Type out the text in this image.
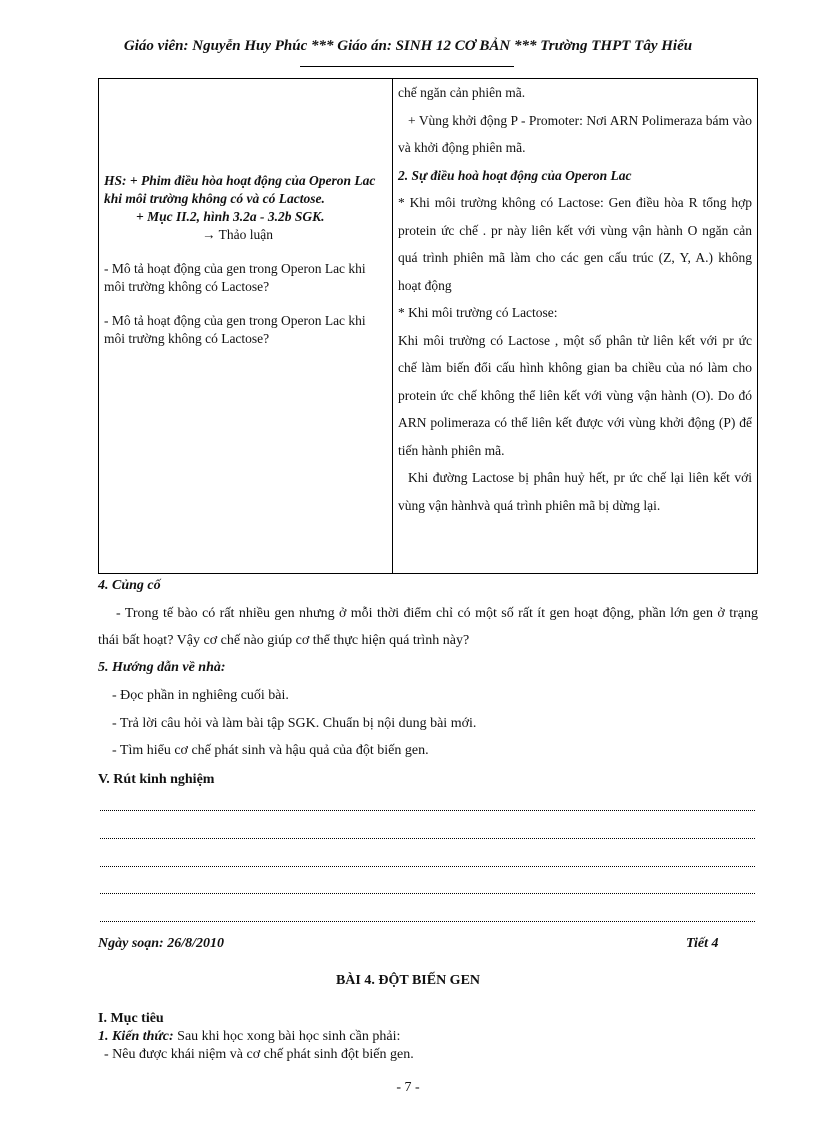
Giáo viên: Nguyễn Huy Phúc *** Giáo án: SINH 12 CƠ BẢN *** Trường THPT Tây Hiếu

HS: + Phim điều hòa hoạt động của Operon Lac khi môi trường không có và có Lactose.

+ Mục II.2, hình 3.2a - 3.2b SGK.

→ Thảo luận

- Mô tả hoạt động của gen trong Operon Lac khi môi trường không có Lactose?

- Mô tả hoạt động của gen trong Operon Lac khi môi trường không có Lactose?

chế ngăn cản phiên mã.

+ Vùng khởi động P - Promoter: Nơi ARN Polimeraza bám vào và khởi động phiên mã.

2. Sự điều hoà hoạt động của Operon Lac

* Khi môi trường không có Lactose: Gen điều hòa R tổng hợp protein ức chế . pr này liên kết với vùng vận hành O ngăn cản quá trình phiên mã làm cho các gen cấu trúc (Z, Y, A.) không hoạt động

* Khi môi trường có Lactose:

Khi môi trường có Lactose , một số phân tử liên kết với pr ức chế làm biến đổi cấu hình không gian ba chiều của nó làm cho protein ức chế không thể liên kết với vùng vận hành (O). Do đó ARN polimeraza có thể liên kết được với vùng khởi động (P) để tiến hành phiên mã.

Khi đường Lactose bị phân huỷ hết, pr ức chế lại liên kết với vùng vận hànhvà quá trình phiên mã bị dừng lại.

4. Củng cố
- Trong tế bào có rất nhiều gen nhưng ở mỗi thời điểm chỉ có một số rất ít gen hoạt động, phần lớn gen ở trạng thái bất hoạt? Vậy cơ chế nào giúp cơ thể thực hiện quá trình này?
5. Hướng dẫn về nhà:
- Đọc phần in nghiêng cuối bài.
- Trả lời câu hỏi và làm bài tập SGK. Chuẩn bị nội dung bài mới.
- Tìm hiểu cơ chế phát sinh và hậu quả của đột biến gen.
V. Rút kinh nghiệm
Ngày soạn: 26/8/2010	Tiết 4
BÀI 4. ĐỘT BIẾN GEN
I. Mục tiêu
1. Kiến thức: Sau khi học xong bài học sinh cần phải:
- Nêu được khái niệm và cơ chế phát sinh đột biến gen.
- 7 -
